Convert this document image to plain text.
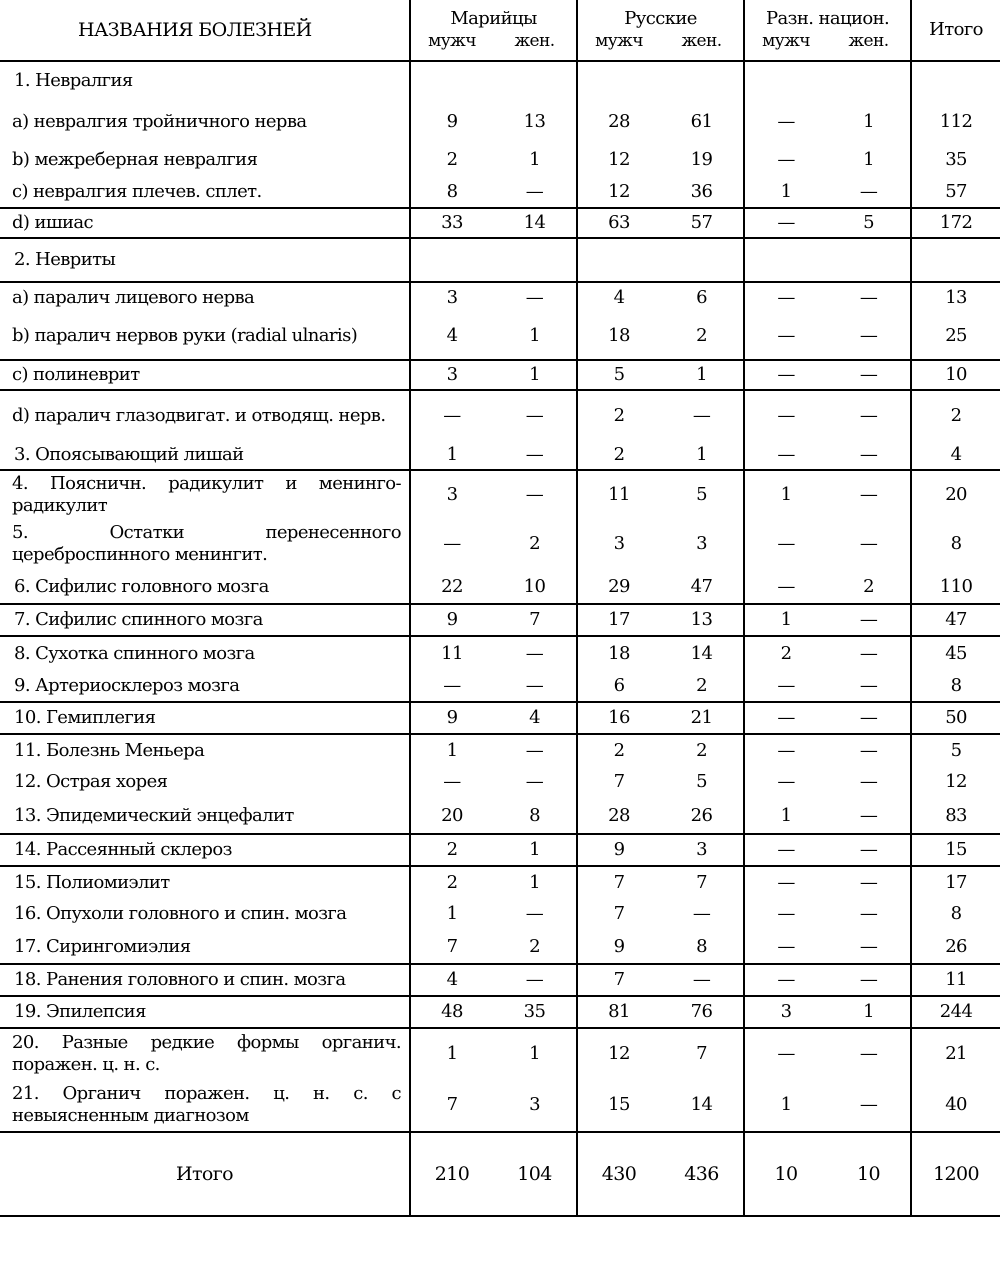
НАЗВАНИЯ БОЛЕЗНЕЙ	Марийцы		Русские		Разн. национ.		Итого
	мужч	жен.	мужч	жен.	мужч	жен.	
1. Невралгия							
a) невралгия тройничного нерва	9	13	28	61	—	1	112
b) межреберная невралгия	2	1	12	19	—	1	35
c) невралгия плечев. сплет.	8	—	12	36	1	—	57
d) ишиас	33	14	63	57	—	5	172
2. Невриты							
a) паралич лицевого нерва	3	—	4	6	—	—	13
b) паралич нервов руки (radial ulnaris)	4	1	18	2	—	—	25
c) полиневрит	3	1	5	1	—	—	10
d) паралич глазодвигат. и отводящ. нерв.	—	—	2	—	—	—	2
3. Опоясывающий лишай	1	—	2	1	—	—	4
4. Поясничн. радикулит и менинго-радикулит	3	—	11	5	1	—	20
5. Остатки перенесенного цереброспинного менингит.	—	2	3	3	—	—	8
6. Сифилис головного мозга	22	10	29	47	—	2	110
7. Сифилис спинного мозга	9	7	17	13	1	—	47
8. Сухотка спинного мозга	11	—	18	14	2	—	45
9. Артериосклероз мозга	—	—	6	2	—	—	8
10. Гемиплегия	9	4	16	21	—	—	50
11. Болезнь Меньера	1	—	2	2	—	—	5
12. Острая хорея	—	—	7	5	—	—	12
13. Эпидемический энцефалит	20	8	28	26	1	—	83
14. Рассеянный склероз	2	1	9	3	—	—	15
15. Полиомиэлит	2	1	7	7	—	—	17
16. Опухоли головного и спин. мозга	1	—	7	—	—	—	8
17. Сирингомиэлия	7	2	9	8	—	—	26
18. Ранения головного и спин. мозга	4	—	7	—	—	—	11
19. Эпилепсия	48	35	81	76	3	1	244
20. Разные редкие формы органич. поражен. ц. н. с.	1	1	12	7	—	—	21
21. Органич поражен. ц. н. с. с невыясненным диагнозом	7	3	15	14	1	—	40
Итого	210	104	430	436	10	10	1200
